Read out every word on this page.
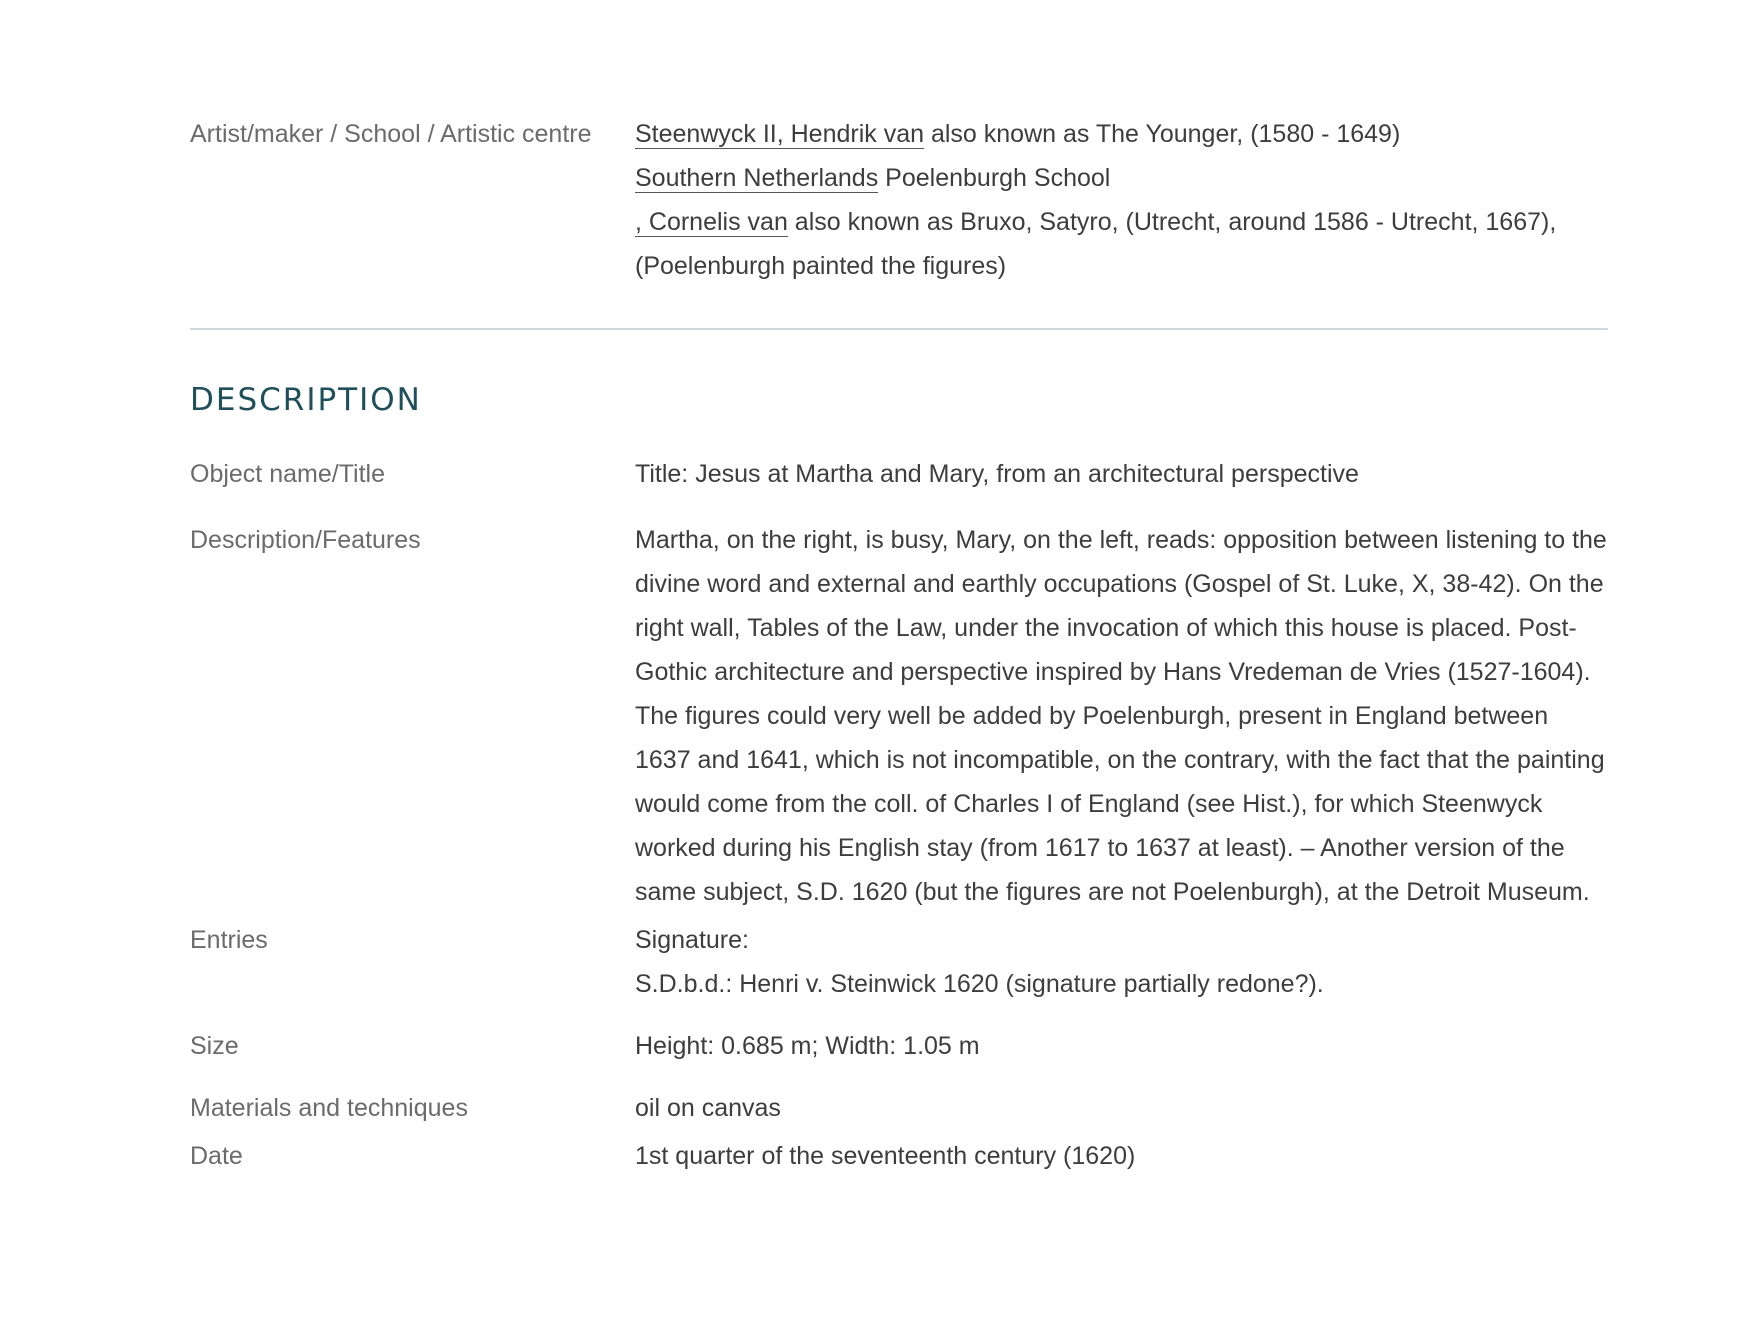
Artist/maker / School / Artistic centre	Steenwyck II, Hendrik van also known as The Younger, (1580 - 1649)
Southern Netherlands Poelenburgh School
, Cornelis van also known as Bruxo, Satyro, (Utrecht, around 1586 - Utrecht, 1667), (Poelenburgh painted the figures)
DESCRIPTION
Object name/Title	Title: Jesus at Martha and Mary, from an architectural perspective
Description/Features	Martha, on the right, is busy, Mary, on the left, reads: opposition between listening to the divine word and external and earthly occupations (Gospel of St. Luke, X, 38-42). On the right wall, Tables of the Law, under the invocation of which this house is placed. Post-Gothic architecture and perspective inspired by Hans Vredeman de Vries (1527-1604).
The figures could very well be added by Poelenburgh, present in England between 1637 and 1641, which is not incompatible, on the contrary, with the fact that the painting would come from the coll. of Charles I of England (see Hist.), for which Steenwyck worked during his English stay (from 1617 to 1637 at least). – Another version of the same subject, S.D. 1620 (but the figures are not Poelenburgh), at the Detroit Museum.
Entries	Signature:
S.D.b.d.: Henri v. Steinwick 1620 (signature partially redone?).
Size	Height: 0.685 m; Width: 1.05 m
Materials and techniques	oil on canvas
Date	1st quarter of the seventeenth century (1620)
